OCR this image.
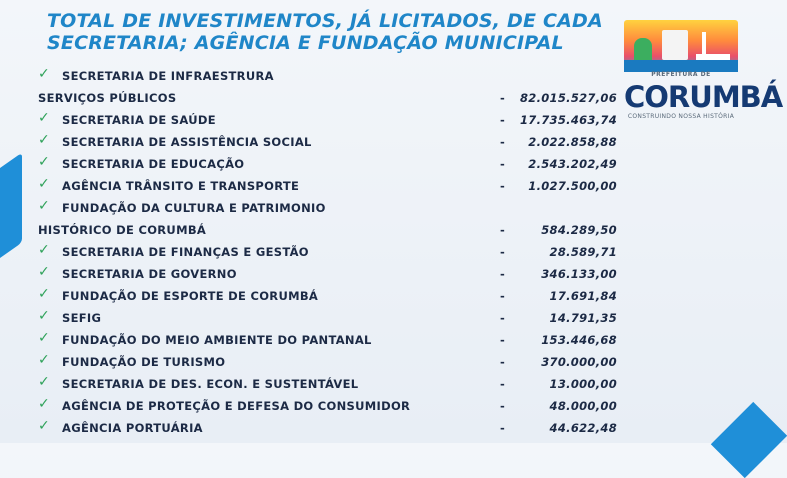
TOTAL DE INVESTIMENTOS, JÁ LICITADOS, DE CADA
SECRETARIA; AGÊNCIA E FUNDAÇÃO MUNICIPAL
PREFEITURA DE
CORUMBÁ
CONSTRUINDO NOSSA HISTÓRIA
✓ SECRETARIA DE INFRAESTRURA
SERVIÇOS PÚBLICOS	- 82.015.527,06
✓ SECRETARIA DE SAÚDE	- 17.735.463,74
✓ SECRETARIA DE ASSISTÊNCIA SOCIAL	- 2.022.858,88
✓ SECRETARIA DE EDUCAÇÃO	- 2.543.202,49
✓ AGÊNCIA TRÂNSITO E TRANSPORTE	- 1.027.500,00
✓ FUNDAÇÃO DA CULTURA E PATRIMONIO
HISTÓRICO DE CORUMBÁ	-	584.289,50
✓ SECRETARIA DE FINANÇAS E GESTÃO	-	28.589,71
✓ SECRETARIA DE GOVERNO	-	346.133,00
✓ FUNDAÇÃO DE ESPORTE DE CORUMBÁ	-	17.691,84
✓ SEFIG	-	14.791,35
✓ FUNDAÇÃO DO MEIO AMBIENTE DO PANTANAL	-	153.446,68
✓ FUNDAÇÃO DE TURISMO	-	370.000,00
✓ SECRETARIA DE DES. ECON. E SUSTENTÁVEL	-	13.000,00
✓ AGÊNCIA DE PROTEÇÃO E DEFESA DO CONSUMIDOR	-	48.000,00
✓ AGÊNCIA PORTUÁRIA	-	44.622,48
